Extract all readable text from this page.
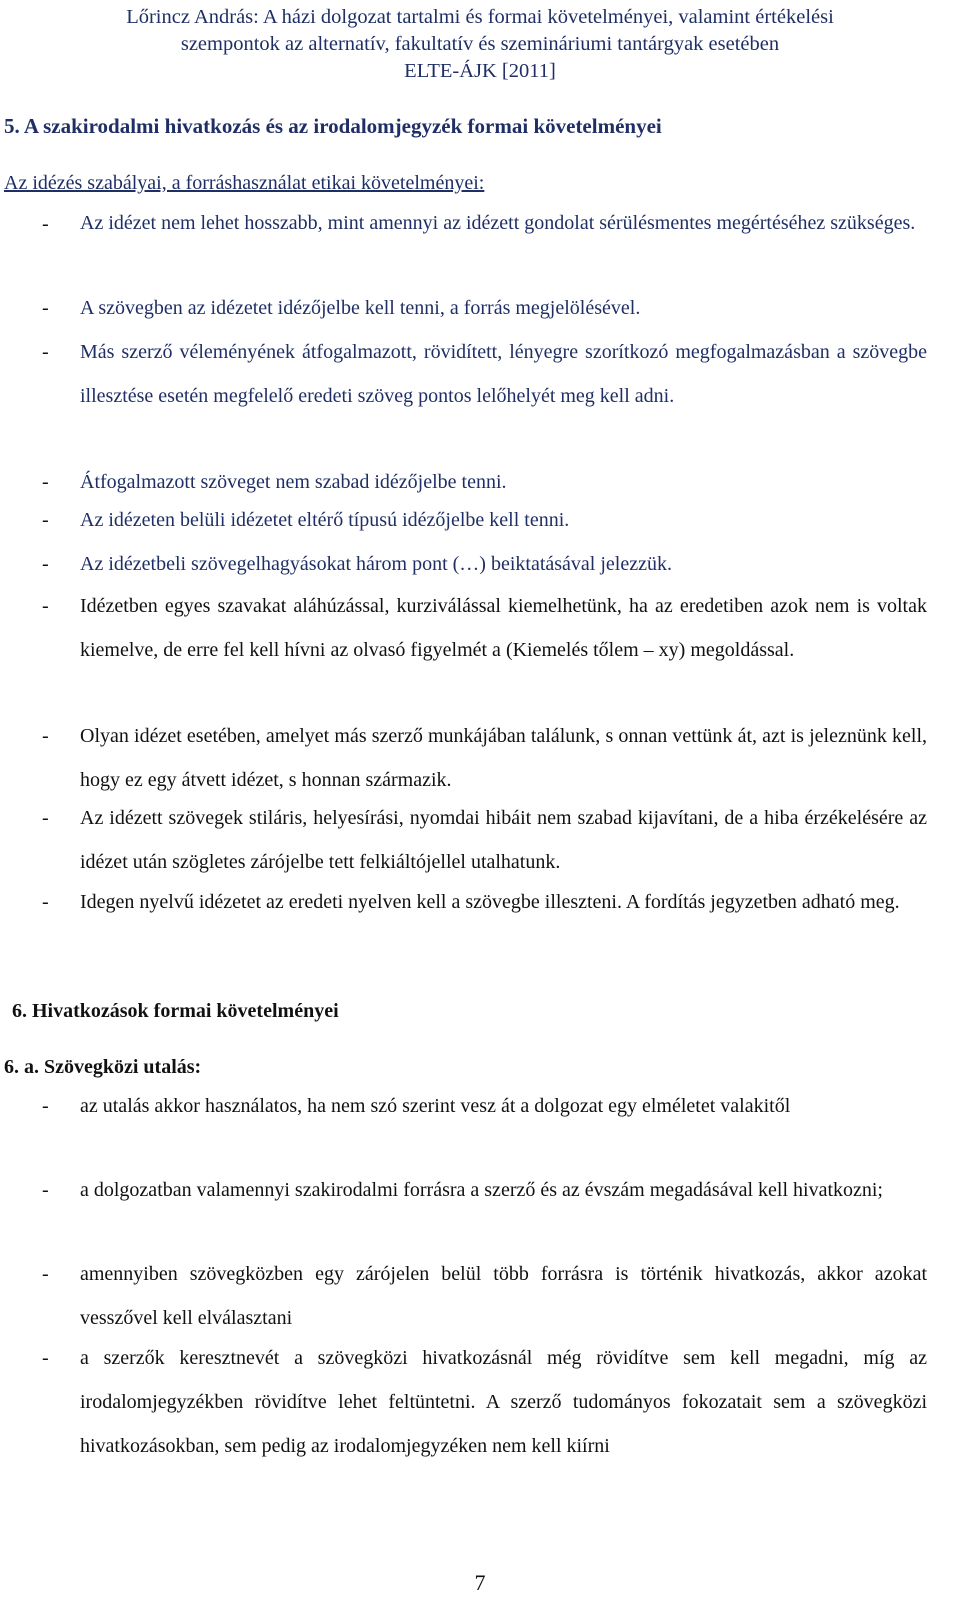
Lőrincz András: A házi dolgozat tartalmi és formai követelményei, valamint értékelési
szempontok az alternatív, fakultatív és szemináriumi tantárgyak esetében
ELTE-ÁJK [2011]
5. A szakirodalmi hivatkozás és az irodalomjegyzék formai követelményei
Az idézés szabályai, a forráshasználat etikai követelményei:
- Az idézet nem lehet hosszabb, mint amennyi az idézett gondolat sérülésmentes megértéséhez szükséges.
- A szövegben az idézetet idézőjelbe kell tenni, a forrás megjelölésével.
- Más szerző véleményének átfogalmazott, rövidített, lényegre szorítkozó megfogalmazásban a szövegbe illesztése esetén megfelelő eredeti szöveg pontos lelőhelyét meg kell adni.
- Átfogalmazott szöveget nem szabad idézőjelbe tenni.
- Az idézeten belüli idézetet eltérő típusú idézőjelbe kell tenni.
- Az idézetbeli szövegelhagyásokat három pont (…) beiktatásával jelezzük.
- Idézetben egyes szavakat aláhúzással, kurziválással kiemelhetünk, ha az eredetiben azok nem is voltak kiemelve, de erre fel kell hívni az olvasó figyelmét a (Kiemelés tőlem – xy) megoldással.
- Olyan idézet esetében, amelyet más szerző munkájában találunk, s onnan vettünk át, azt is jeleznünk kell, hogy ez egy átvett idézet, s honnan származik.
- Az idézett szövegek stiláris, helyesírási, nyomdai hibáit nem szabad kijavítani, de a hiba érzékelésére az idézet után szögletes zárójelbe tett felkiáltójellel utalhatunk.
- Idegen nyelvű idézetet az eredeti nyelven kell a szövegbe illeszteni. A fordítás jegyzetben adható meg.
6. Hivatkozások formai követelményei
6. a. Szövegközi utalás:
- az utalás akkor használatos, ha nem szó szerint vesz át a dolgozat egy elméletet valakitől
- a dolgozatban valamennyi szakirodalmi forrásra a szerző és az évszám megadásával kell hivatkozni;
- amennyiben szövegközben egy zárójelen belül több forrásra is történik hivatkozás, akkor azokat vesszővel kell elválasztani
- a szerzők keresztnevét a szövegközi hivatkozásnál még rövidítve sem kell megadni, míg az irodalomjegyzékben rövidítve lehet feltüntetni. A szerző tudományos fokozatait sem a szövegközi hivatkozásokban, sem pedig az irodalomjegyzéken nem kell kiírni
7
